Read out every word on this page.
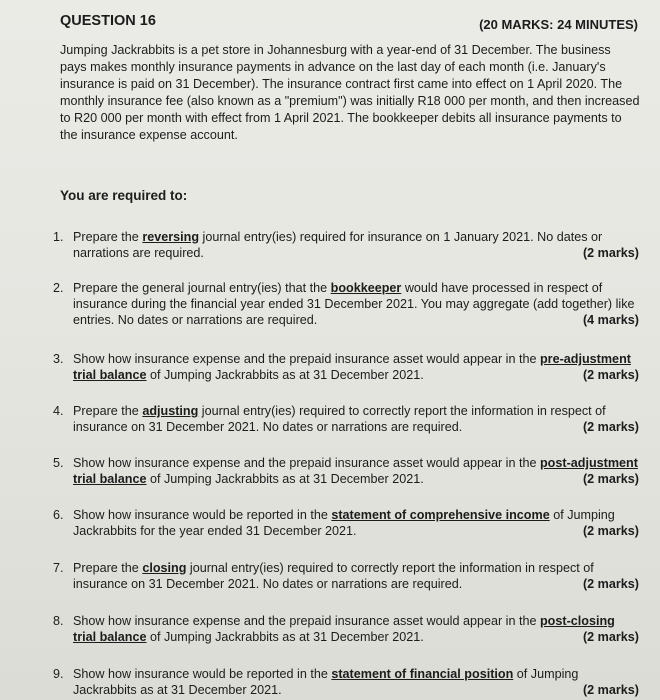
QUESTION 16	(20 MARKS: 24 MINUTES)

Jumping Jackrabbits is a pet store in Johannesburg with a year-end of 31 December. The business pays makes monthly insurance payments in advance on the last day of each month (i.e. January's insurance is paid on 31 December). The insurance contract first came into effect on 1 April 2020. The monthly insurance fee (also known as a "premium") was initially R18 000 per month, and then increased to R20 000 per month with effect from 1 April 2021. The bookkeeper debits all insurance payments to the insurance expense account.

You are required to:
1. Prepare the reversing journal entry(ies) required for insurance on 1 January 2021. No dates or narrations are required.	(2 marks)
2. Prepare the general journal entry(ies) that the bookkeeper would have processed in respect of insurance during the financial year ended 31 December 2021. You may aggregate (add together) like entries. No dates or narrations are required.	(4 marks)
3. Show how insurance expense and the prepaid insurance asset would appear in the pre-adjustment trial balance of Jumping Jackrabbits as at 31 December 2021.	(2 marks)
4. Prepare the adjusting journal entry(ies) required to correctly report the information in respect of insurance on 31 December 2021. No dates or narrations are required.	(2 marks)
5. Show how insurance expense and the prepaid insurance asset would appear in the post-adjustment trial balance of Jumping Jackrabbits as at 31 December 2021.	(2 marks)
6. Show how insurance would be reported in the statement of comprehensive income of Jumping Jackrabbits for the year ended 31 December 2021.	(2 marks)
7. Prepare the closing journal entry(ies) required to correctly report the information in respect of insurance on 31 December 2021. No dates or narrations are required.	(2 marks)
8. Show how insurance expense and the prepaid insurance asset would appear in the post-closing trial balance of Jumping Jackrabbits as at 31 December 2021.	(2 marks)
9. Show how insurance would be reported in the statement of financial position of Jumping Jackrabbits as at 31 December 2021.	(2 marks)
